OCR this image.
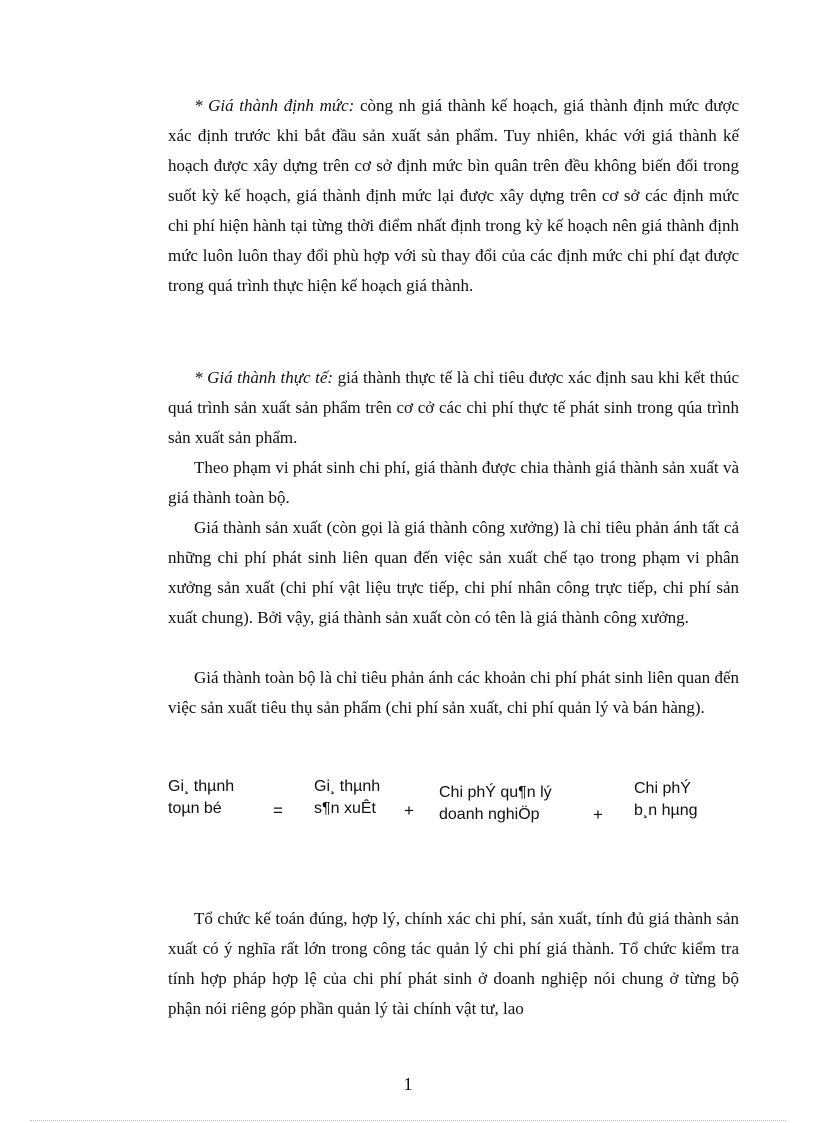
* Giá thành định mức: còng nh giá thành kế hoạch, giá thành định mức được xác định trước khi bắt đầu sản xuất sản phẩm. Tuy nhiên, khác với giá thành kế hoạch được xây dựng trên cơ sở định mức bìn quân trên đều không biến đổi trong suốt kỳ kế hoạch, giá thành định mức lại được xây dựng trên cơ sở các định mức chi phí hiện hành tại từng thời điểm nhất định trong kỳ kế hoạch nên giá thành định mức luôn luôn thay đổi phù hợp với sù thay đổi của các định mức chi phí đạt được trong quá trình thực hiện kế hoạch giá thành.

* Giá thành thực tế: giá thành thực tế là chỉ tiêu được xác định sau khi kết thúc quá trình sản xuất sản phẩm trên cơ cở các chi phí thực tế phát sinh trong qúa trình sản xuất sản phẩm.

Theo phạm vi phát sinh chi phí, giá thành được chia thành giá thành sản xuất và giá thành toàn bộ.

Giá thành sản xuất (còn gọi là giá thành công xưởng) là chỉ tiêu phản ánh tất cả những chi phí phát sinh liên quan đến việc sản xuất chế tạo trong phạm vi phân xưởng sản xuất (chi phí vật liệu trực tiếp, chi phí nhân công trực tiếp, chi phí sản xuất chung). Bởi vậy, giá thành sản xuất còn có tên là giá thành công xưởng.

Giá thành toàn bộ là chỉ tiêu phản ánh các khoản chi phí phát sinh liên quan đến việc sản xuất tiêu thụ sản phẩm (chi phí sản xuất, chi phí quản lý và bán hàng).

Gi¸ thµnh
toµn bé	=
Gi¸ thµnh
s¶n xuÊt +
Chi phÝ qu¶n lý
doanh nghiÖp	+
Chi phÝ
b¸n hµng

Tổ chức kế toán đúng, hợp lý, chính xác chi phí, sản xuất, tính đủ giá thành sản xuất có ý nghĩa rất lớn trong công tác quản lý chi phí giá thành. Tổ chức kiểm tra tính hợp pháp hợp lệ của chi phí phát sinh ở doanh nghiệp nói chung ở từng bộ phận nói riêng góp phần quản lý tài chính vật tư, lao

1
